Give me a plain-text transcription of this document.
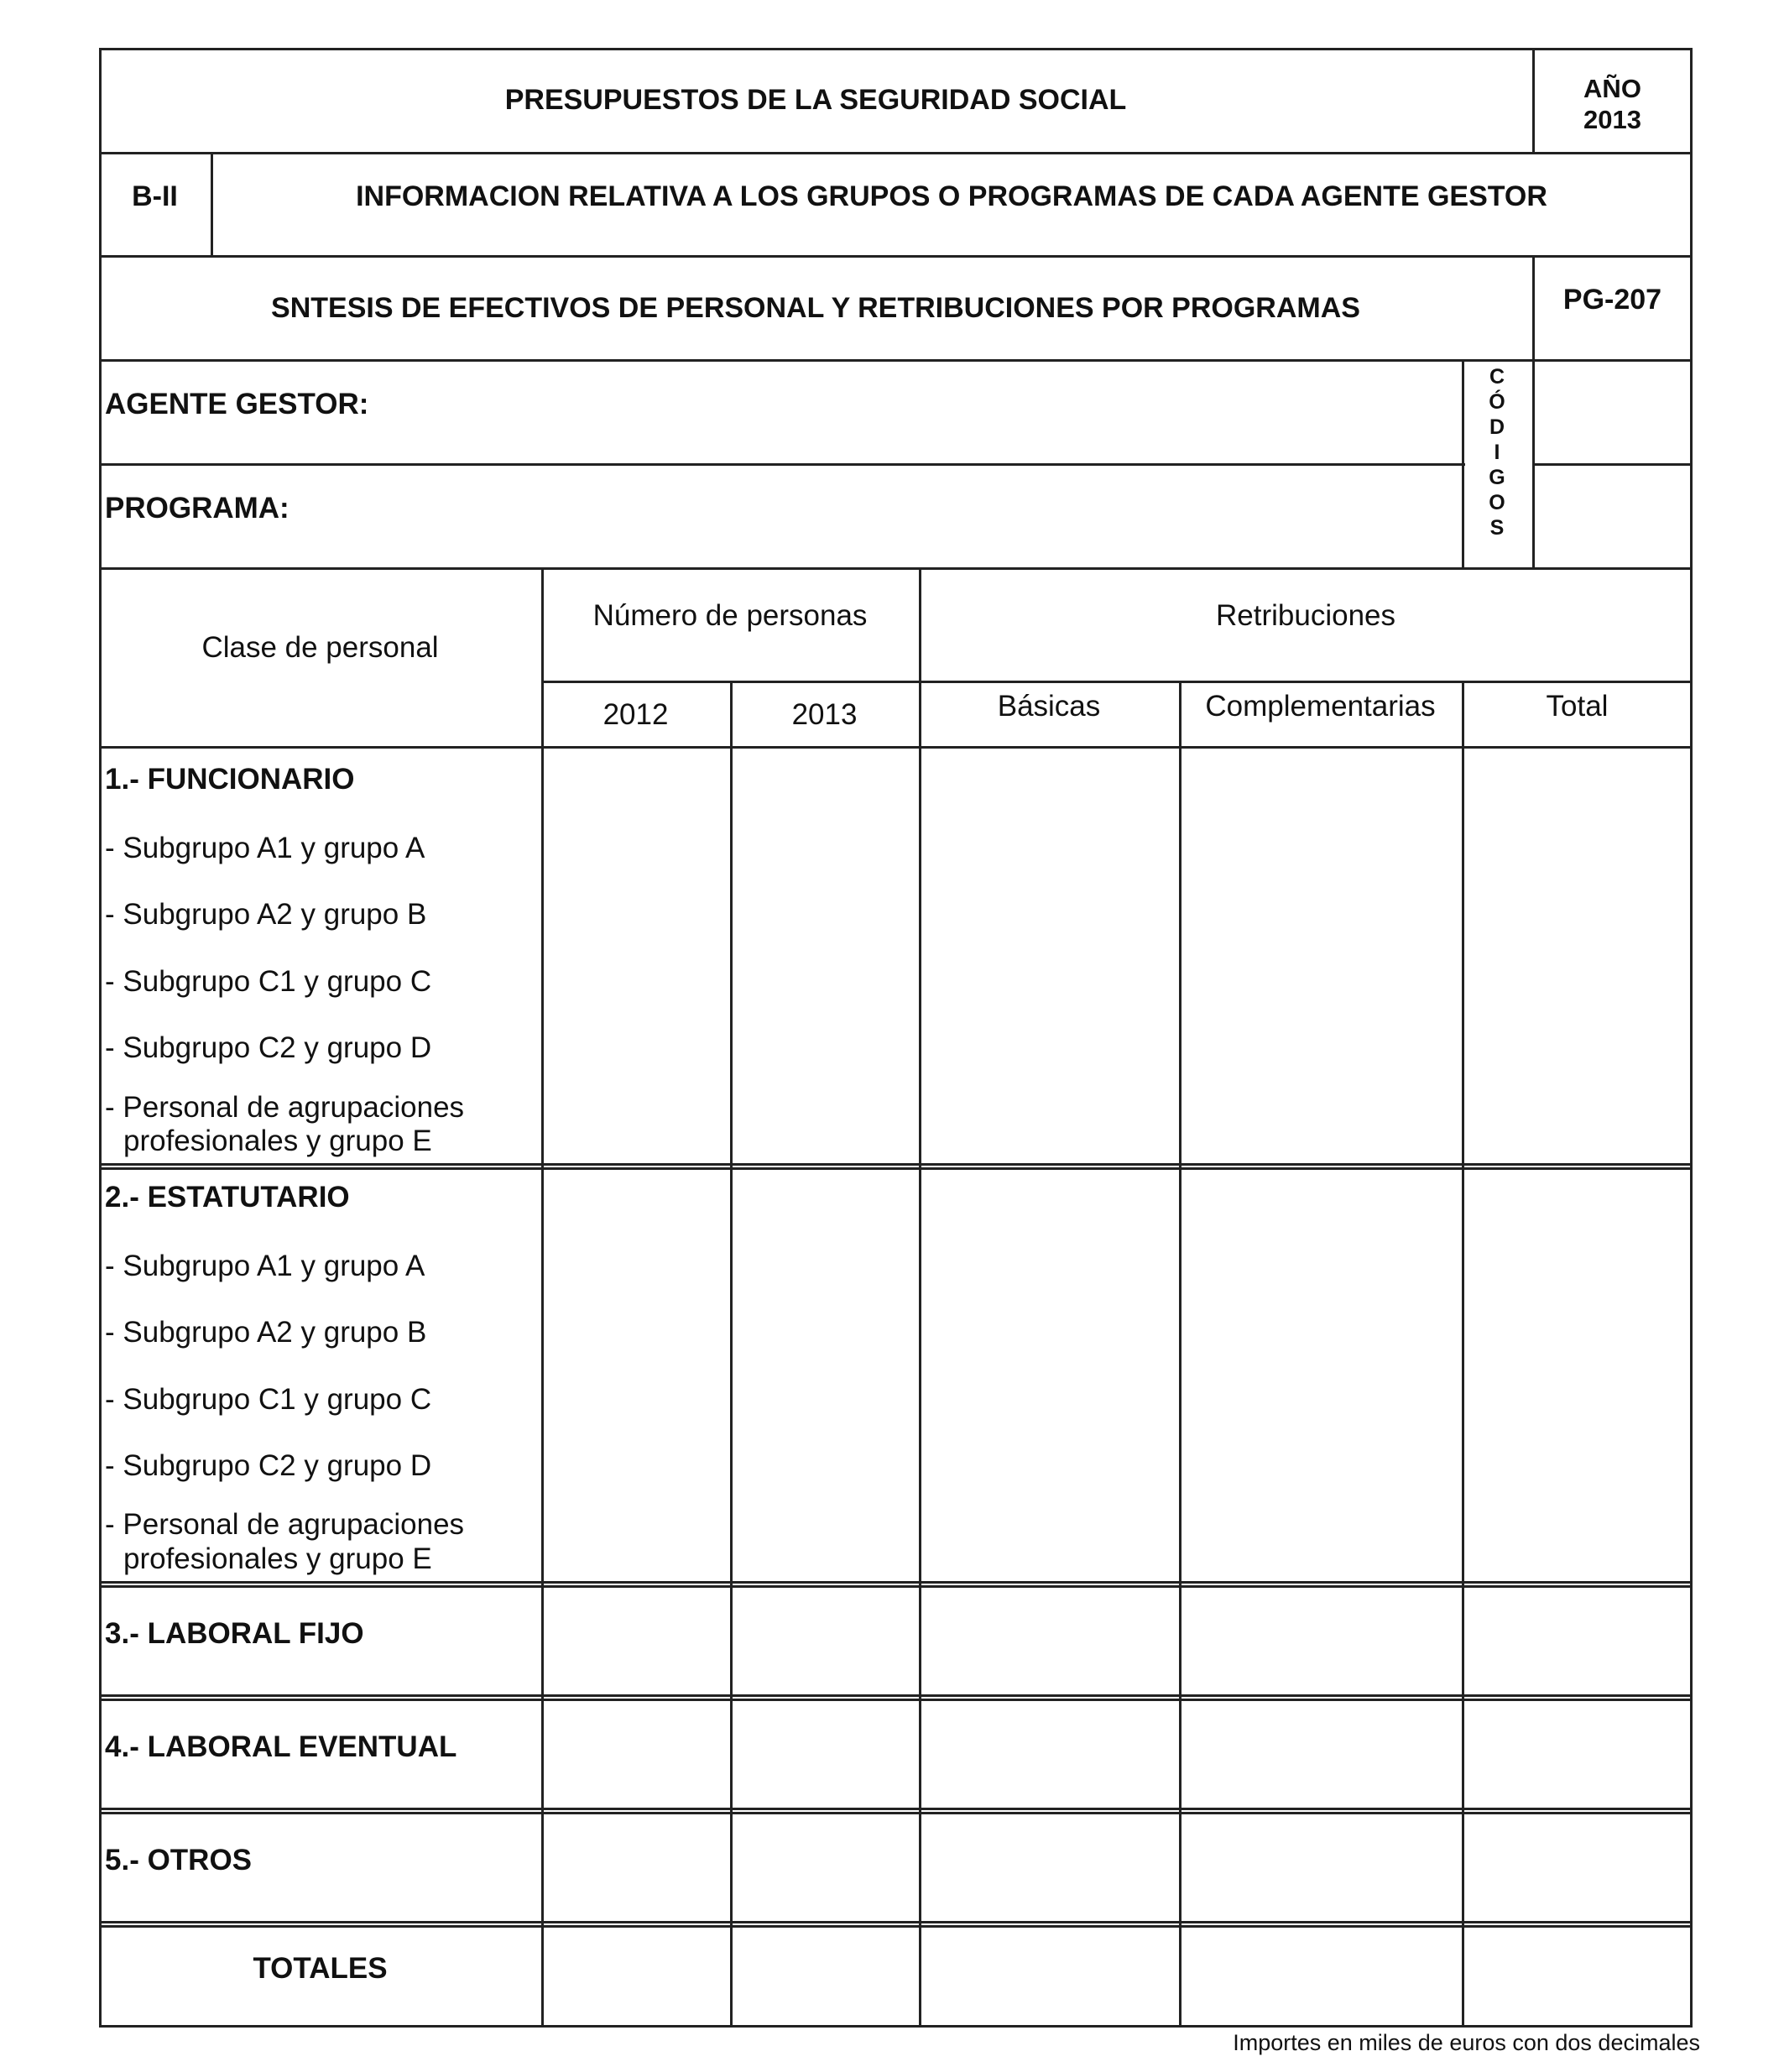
PRESUPUESTOS DE LA SEGURIDAD SOCIAL	AÑO
2013
B-II	INFORMACION RELATIVA A LOS GRUPOS O PROGRAMAS DE CADA AGENTE GESTOR
SNTESIS DE EFECTIVOS DE PERSONAL Y RETRIBUCIONES POR PROGRAMAS	PG-207
AGENTE GESTOR:
PROGRAMA:
C
Ó
D
I
G
O
S
Clase de personal
Número de personas	Retribuciones
2012	2013	Básicas	Complementarias	Total
1.- FUNCIONARIO
- Subgrupo A1 y grupo A
- Subgrupo A2 y grupo B
- Subgrupo C1 y grupo C
- Subgrupo C2 y grupo D
- Personal de agrupaciones
profesionales y grupo E
2.- ESTATUTARIO
- Subgrupo A1 y grupo A
- Subgrupo A2 y grupo B
- Subgrupo C1 y grupo C
- Subgrupo C2 y grupo D
- Personal de agrupaciones
profesionales y grupo E
3.- LABORAL FIJO
4.- LABORAL EVENTUAL
5.- OTROS
TOTALES
Importes en miles de euros con dos decimales
